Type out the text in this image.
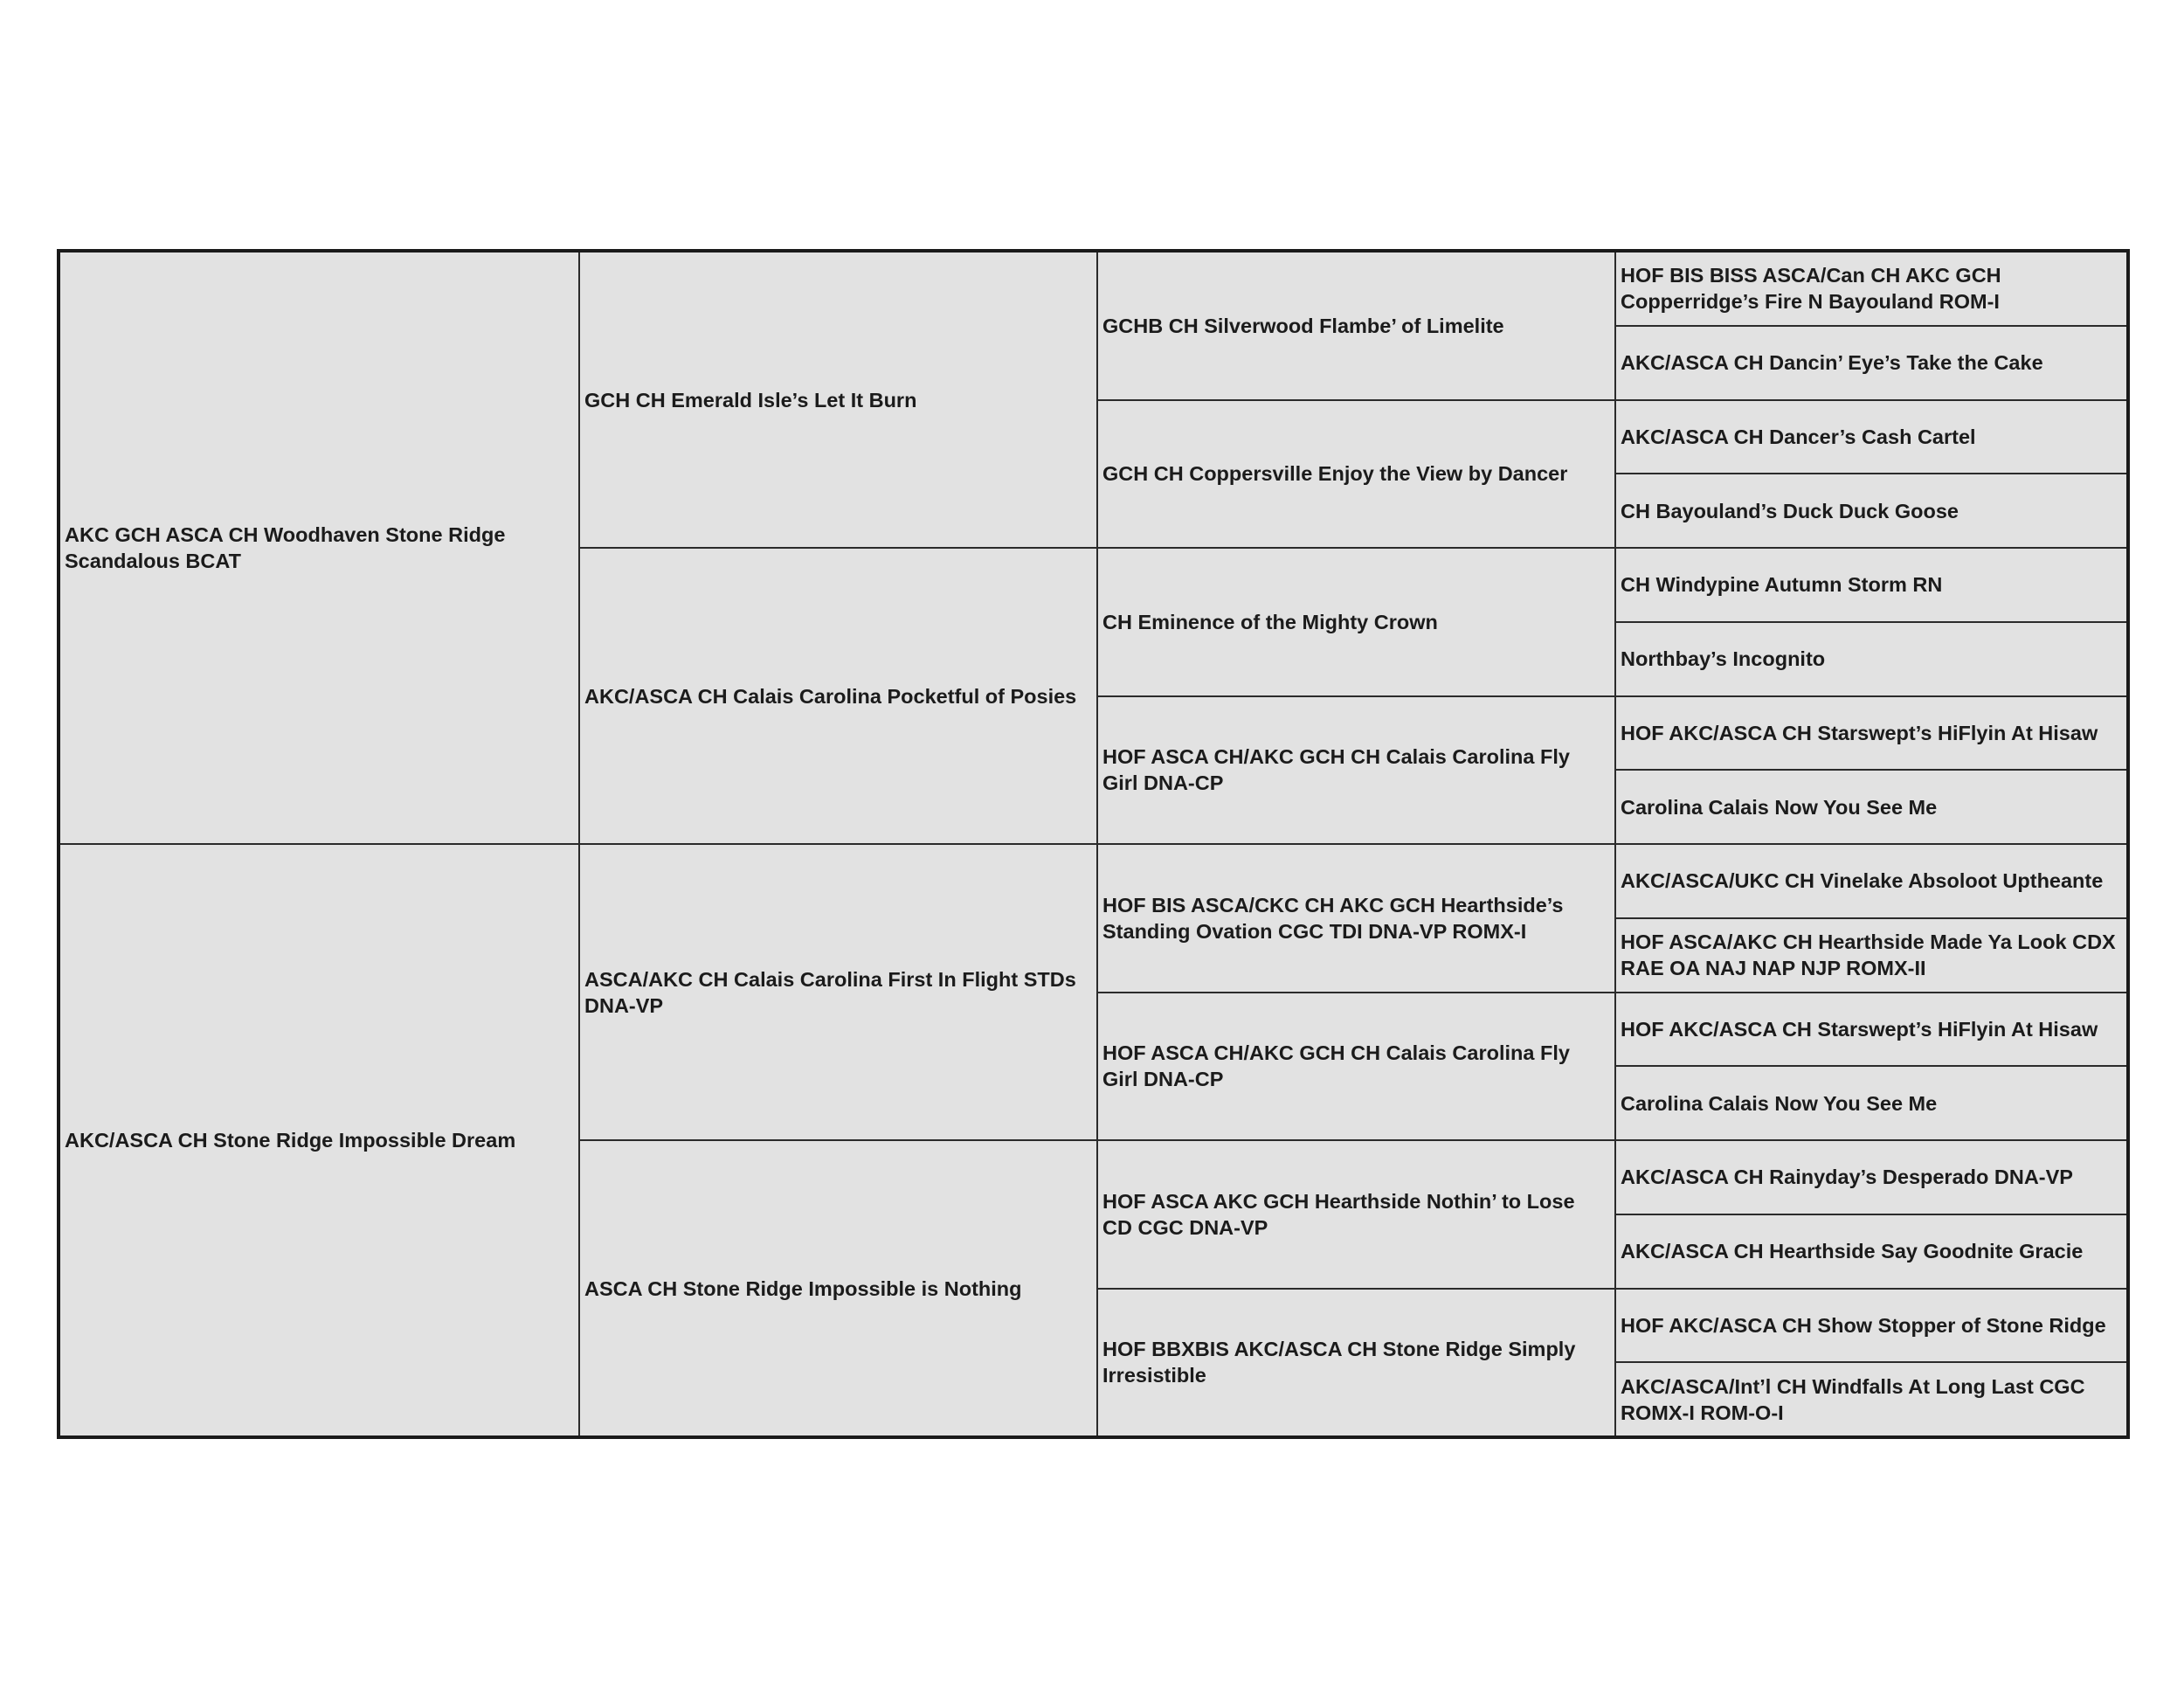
AKC GCH ASCA CH Woodhaven Stone Ridge Scandalous BCAT
AKC/ASCA CH Stone Ridge Impossible Dream
GCH CH Emerald Isle’s Let It Burn
AKC/ASCA CH Calais Carolina Pocketful of Posies
ASCA/AKC CH Calais Carolina First In Flight STDs DNA-VP
ASCA CH Stone Ridge Impossible is Nothing
GCHB CH Silverwood Flambe’ of Limelite
GCH CH Coppersville Enjoy the View by Dancer
CH Eminence of the Mighty Crown
HOF ASCA CH/AKC GCH CH Calais Carolina Fly Girl DNA-CP
HOF BIS ASCA/CKC CH AKC GCH Hearthside’s Standing Ovation CGC TDI DNA-VP ROMX-I
HOF ASCA CH/AKC GCH CH Calais Carolina Fly Girl DNA-CP
HOF ASCA AKC GCH Hearthside Nothin’ to Lose CD CGC DNA-VP
HOF BBXBIS AKC/ASCA CH Stone Ridge Simply Irresistible
HOF BIS BISS ASCA/Can CH AKC GCH Copperridge’s Fire N Bayouland ROM-I
AKC/ASCA CH Dancin’ Eye’s Take the Cake
AKC/ASCA CH Dancer’s Cash Cartel
CH Bayouland’s Duck Duck Goose
CH Windypine Autumn Storm RN
Northbay’s Incognito
HOF AKC/ASCA CH Starswept’s HiFlyin At Hisaw
Carolina Calais Now You See Me
AKC/ASCA/UKC CH Vinelake Absoloot Uptheante
HOF ASCA/AKC CH Hearthside Made Ya Look CDX RAE OA NAJ NAP NJP ROMX-II
HOF AKC/ASCA CH Starswept’s HiFlyin At Hisaw
Carolina Calais Now You See Me
AKC/ASCA CH Rainyday’s Desperado DNA-VP
AKC/ASCA CH Hearthside Say Goodnite Gracie
HOF AKC/ASCA CH Show Stopper of Stone Ridge
AKC/ASCA/Int’l CH Windfalls At Long Last CGC ROMX-I ROM-O-I
